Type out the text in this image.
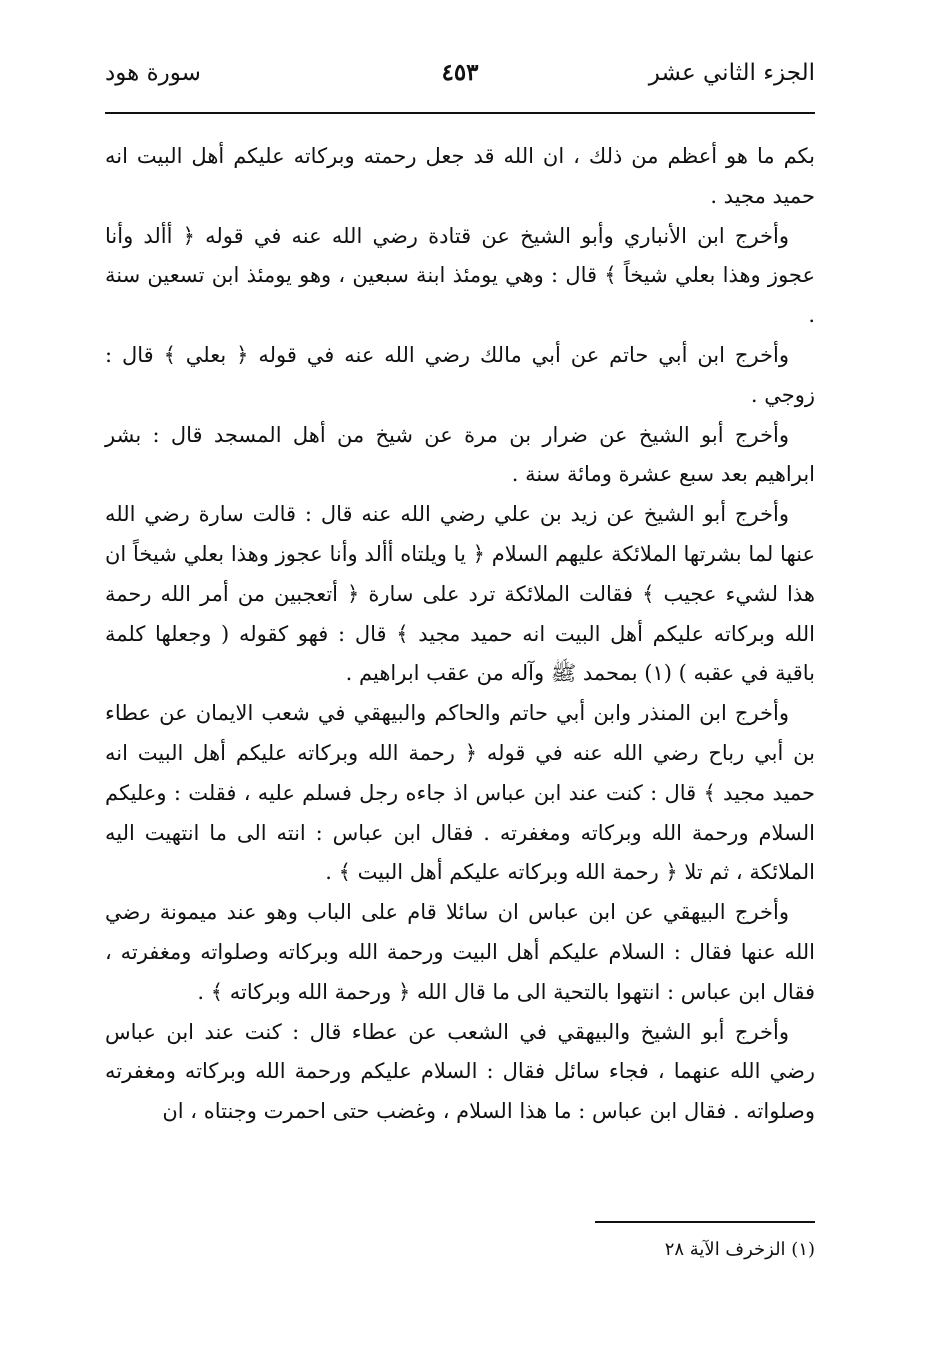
الجزء الثاني عشر
٤٥٣
سورة هود

بكم ما هو أعظم من ذلك ، ان الله قد جعل رحمته وبركاته عليكم أهل البيت انه حميد مجيد .

وأخرج ابن الأنباري وأبو الشيخ عن قتادة رضي الله عنه في قوله ﴿ أألد وأنا عجوز وهذا بعلي شيخاً ﴾ قال : وهي يومئذ ابنة سبعين ، وهو يومئذ ابن تسعين سنة .

وأخرج ابن أبي حاتم عن أبي مالك رضي الله عنه في قوله ﴿ بعلي ﴾ قال : زوجي .

وأخرج أبو الشيخ عن ضرار بن مرة عن شيخ من أهل المسجد قال : بشر ابراهيم بعد سبع عشرة ومائة سنة .

وأخرج أبو الشيخ عن زيد بن علي رضي الله عنه قال : قالت سارة رضي الله عنها لما بشرتها الملائكة عليهم السلام ﴿ يا ويلتاه أألد وأنا عجوز وهذا بعلي شيخاً ان هذا لشيء عجيب ﴾ فقالت الملائكة ترد على سارة ﴿ أتعجبين من أمر الله رحمة الله وبركاته عليكم أهل البيت انه حميد مجيد ﴾ قال : فهو كقوله ( وجعلها كلمة باقية في عقبه ) (١) بمحمد ﷺ وآله من عقب ابراهيم .

وأخرج ابن المنذر وابن أبي حاتم والحاكم والبيهقي في شعب الايمان عن عطاء بن أبي رباح رضي الله عنه في قوله ﴿ رحمة الله وبركاته عليكم أهل البيت انه حميد مجيد ﴾ قال : كنت عند ابن عباس اذ جاءه رجل فسلم عليه ، فقلت : وعليكم السلام ورحمة الله وبركاته ومغفرته . فقال ابن عباس : انته الى ما انتهيت اليه الملائكة ، ثم تلا ﴿ رحمة الله وبركاته عليكم أهل البيت ﴾ .

وأخرج البيهقي عن ابن عباس ان سائلا قام على الباب وهو عند ميمونة رضي الله عنها فقال : السلام عليكم أهل البيت ورحمة الله وبركاته وصلواته ومغفرته ، فقال ابن عباس : انتهوا بالتحية الى ما قال الله ﴿ ورحمة الله وبركاته ﴾ .

وأخرج أبو الشيخ والبيهقي في الشعب عن عطاء قال : كنت عند ابن عباس رضي الله عنهما ، فجاء سائل فقال : السلام عليكم ورحمة الله وبركاته ومغفرته وصلواته . فقال ابن عباس : ما هذا السلام ، وغضب حتى احمرت وجنتاه ، ان

(١) الزخرف الآية ٢٨
